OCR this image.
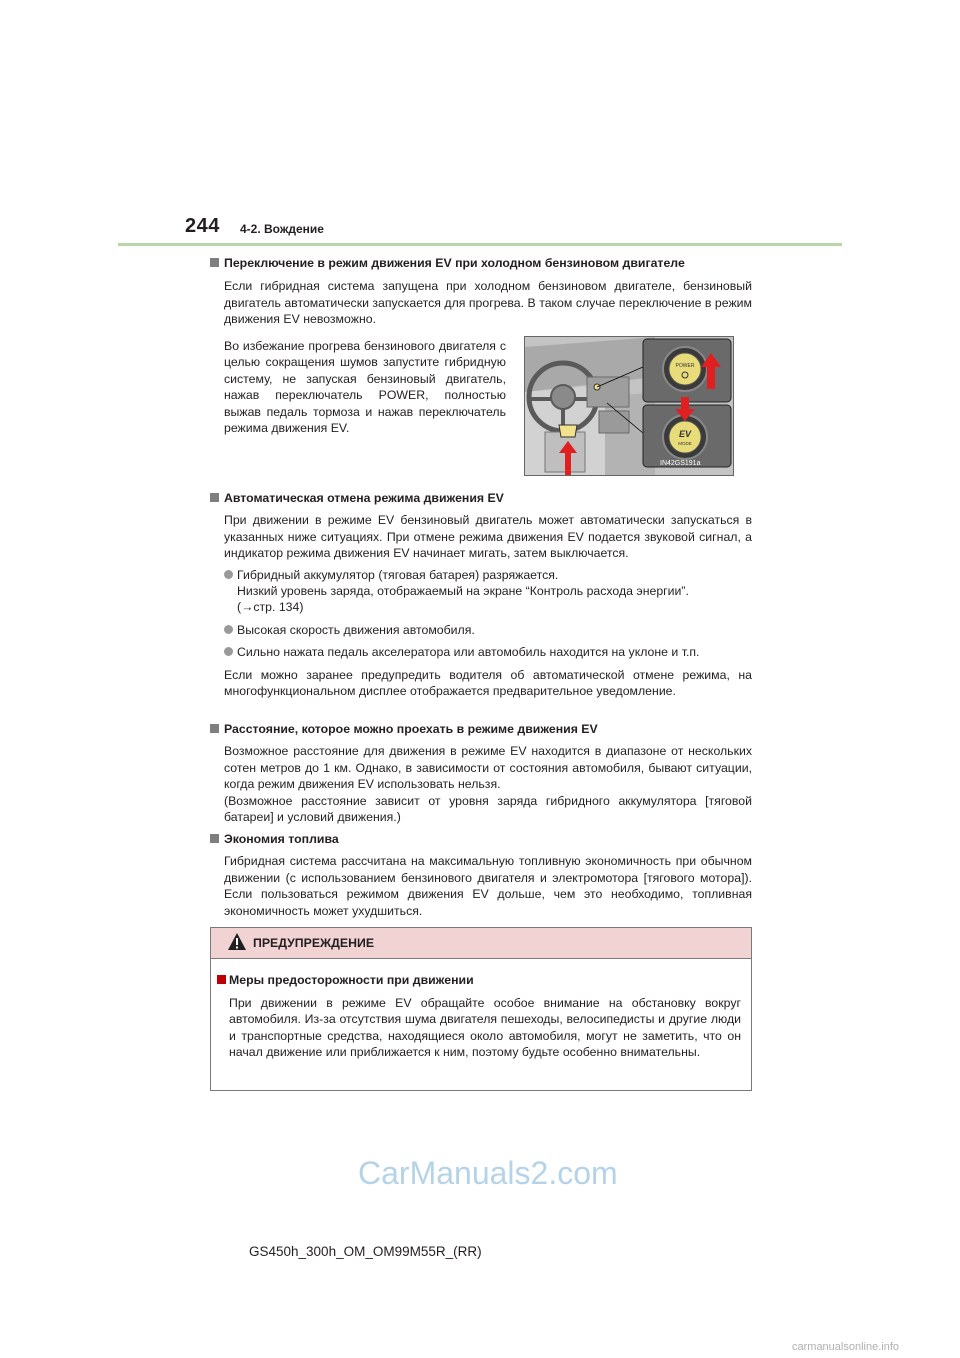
244 4-2. Вождение
Переключение в режим движения EV при холодном бензиновом двигателе
Если гибридная система запущена при холодном бензиновом двигателе, бензиновый двигатель автоматически запускается для прогрева. В таком случае переключение в режим движения EV невозможно.
Во избежание прогрева бензинового двигателя с целью сокращения шумов запустите гибридную систему, не запуская бензиновый двигатель, нажав переключатель POWER, полностью выжав педаль тормоза и нажав переключатель режима движения EV.
POWER
EV
MODE
IN42GS191a
Автоматическая отмена режима движения EV
При движении в режиме EV бензиновый двигатель может автоматически запускаться в указанных ниже ситуациях. При отмене режима движения EV подается звуковой сигнал, а индикатор режима движения EV начинает мигать, затем выключается.
Гибридный аккумулятор (тяговая батарея) разряжается.
Низкий уровень заряда, отображаемый на экране “Контроль расхода энергии”.
(→стр. 134)
Высокая скорость движения автомобиля.
Сильно нажата педаль акселератора или автомобиль находится на уклоне и т.п.
Если можно заранее предупредить водителя об автоматической отмене режима, на многофункциональном дисплее отображается предварительное уведомление.
Расстояние, которое можно проехать в режиме движения EV
Возможное расстояние для движения в режиме EV находится в диапазоне от нескольких сотен метров до 1 км. Однако, в зависимости от состояния автомобиля, бывают ситуации, когда режим движения EV использовать нельзя.
(Возможное расстояние зависит от уровня заряда гибридного аккумулятора [тяговой батареи] и условий движения.)
Экономия топлива
Гибридная система рассчитана на максимальную топливную экономичность при обычном движении (с использованием бензинового двигателя и электромотора [тягового мотора]). Если пользоваться режимом движения EV дольше, чем это необходимо, топливная экономичность может ухудшиться.
ПРЕДУПРЕЖДЕНИЕ
Меры предосторожности при движении
При движении в режиме EV обращайте особое внимание на обстановку вокруг автомобиля. Из-за отсутствия шума двигателя пешеходы, велосипедисты и другие люди и транспортные средства, находящиеся около автомобиля, могут не заметить, что он начал движение или приближается к ним, поэтому будьте особенно внимательны.
CarManuals2.com
GS450h_300h_OM_OM99M55R_(RR)
carmanualsonline.info
